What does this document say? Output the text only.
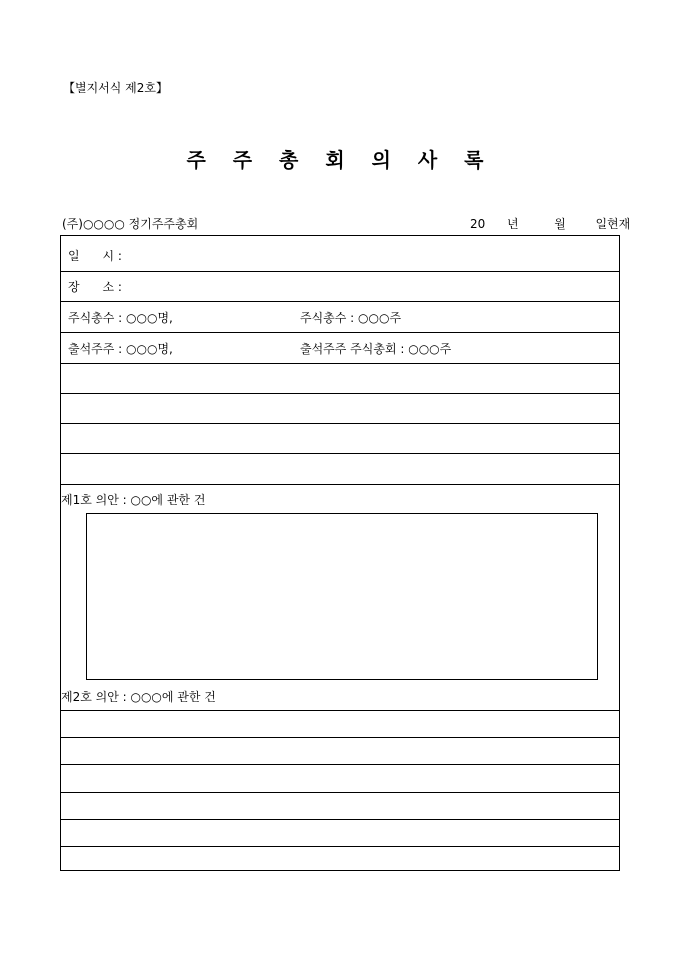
【별지서식 제2호】
주 주 총 회 의 사 록
(주)○○○○ 정기주주총회	20 년	월 일현재
일      시 :
장      소 :
주식총수 : ○○○명,	주식총수 : ○○○주
출석주주 : ○○○명,	출석주주 주식총회 : ○○○주
제1호 의안 : ○○에 관한 건
제2호 의안 : ○○○에 관한 건
